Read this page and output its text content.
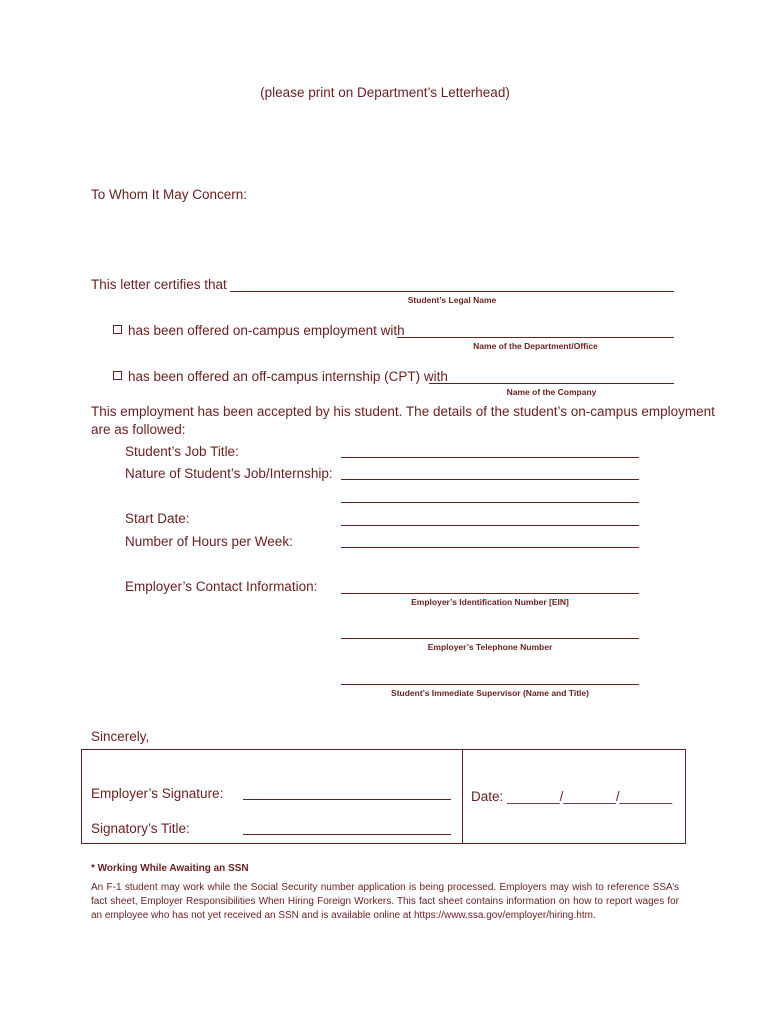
(please print on Department’s Letterhead)
To Whom It May Concern:
This letter certifies that
Student’s Legal Name
has been offered on-campus employment with
Name of the Department/Office
has been offered an off-campus internship (CPT) with
Name of the Company
This employment has been accepted by his student. The details of the student’s on-campus employment
are as followed:
Student’s Job Title:
Nature of Student’s Job/Internship:
Start Date:
Number of Hours per Week:
Employer’s Contact Information:
Employer’s Identification Number [EIN]
Employer’s Telephone Number
Student’s Immediate Supervisor (Name and Title)
Sincerely,
Employer’s Signature:
Signatory’s Title:
Date: _______/_______/_______
* Working While Awaiting an SSN
An F-1 student may work while the Social Security number application is being processed. Employers may wish to reference SSA’s fact sheet, Employer Responsibilities When Hiring Foreign Workers. This fact sheet contains information on how to report wages for an employee who has not yet received an SSN and is available online at https://www.ssa.gov/employer/hiring.htm.
